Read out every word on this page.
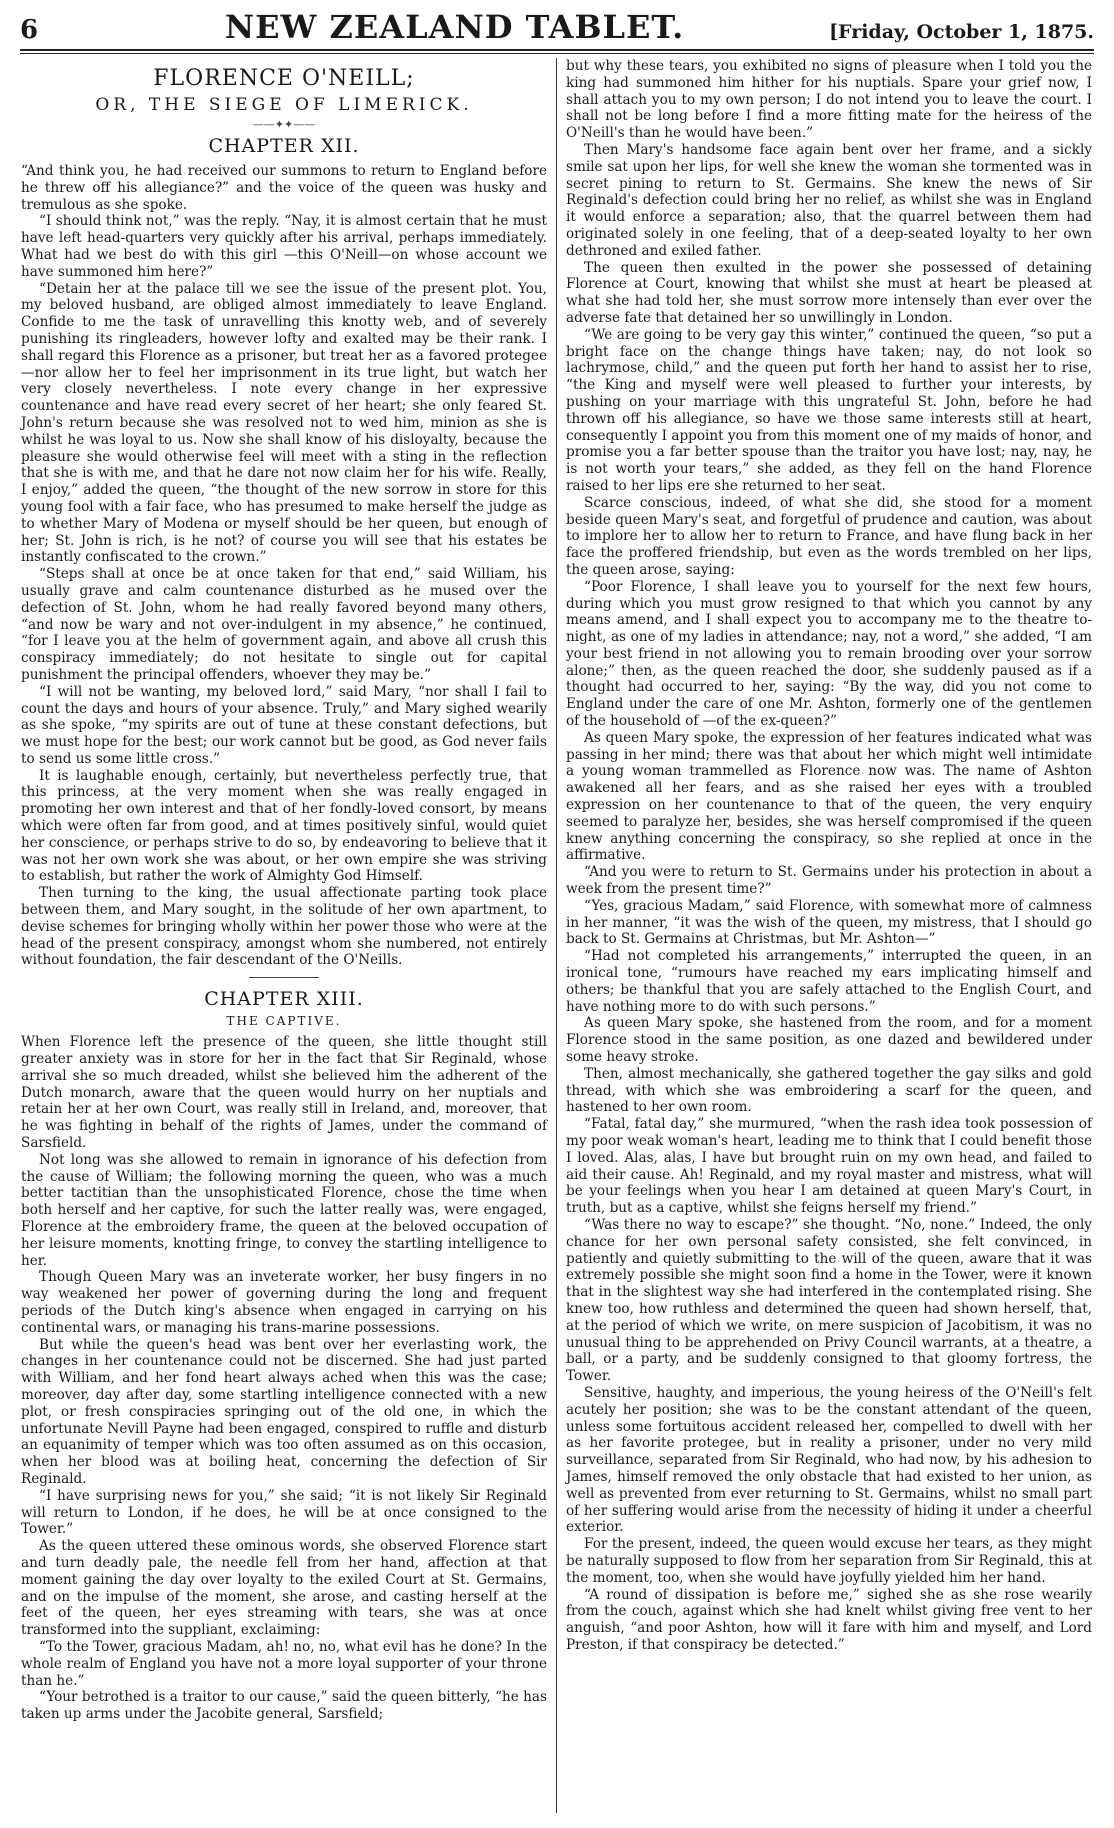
6	NEW ZEALAND TABLET.	[Friday, October 1, 1875.
FLORENCE O'NEILL;
OR, THE SIEGE OF LIMERICK.
——✦✦——
CHAPTER XII.

“And think you, he had received our summons to return to England before he threw off his allegiance?” and the voice of the queen was husky and tremulous as she spoke.

“I should think not,” was the reply. “Nay, it is almost certain that he must have left head-quarters very quickly after his arrival, perhaps immediately. What had we best do with this girl —this O'Neill—on whose account we have summoned him here?”

“Detain her at the palace till we see the issue of the present plot. You, my beloved husband, are obliged almost immediately to leave England. Confide to me the task of unravelling this knotty web, and of severely punishing its ringleaders, however lofty and exalted may be their rank. I shall regard this Florence as a prisoner, but treat her as a favored protegee—nor allow her to feel her imprisonment in its true light, but watch her very closely nevertheless. I note every change in her expressive countenance and have read every secret of her heart; she only feared St. John's return because she was resolved not to wed him, minion as she is whilst he was loyal to us. Now she shall know of his disloyalty, because the pleasure she would otherwise feel will meet with a sting in the reflection that she is with me, and that he dare not now claim her for his wife. Really, I enjoy,” added the queen, “the thought of the new sorrow in store for this young fool with a fair face, who has presumed to make herself the judge as to whether Mary of Modena or myself should be her queen, but enough of her; St. John is rich, is he not? of course you will see that his estates be instantly confiscated to the crown.”

“Steps shall at once be at once taken for that end,” said William, his usually grave and calm countenance disturbed as he mused over the defection of St. John, whom he had really favored beyond many others, “and now be wary and not over-indulgent in my absence,” he continued, “for I leave you at the helm of government again, and above all crush this conspiracy immediately; do not hesitate to single out for capital punishment the principal offenders, whoever they may be.”

“I will not be wanting, my beloved lord,” said Mary, “nor shall I fail to count the days and hours of your absence. Truly,” and Mary sighed wearily as she spoke, “my spirits are out of tune at these constant defections, but we must hope for the best; our work cannot but be good, as God never fails to send us some little cross.”

It is laughable enough, certainly, but nevertheless perfectly true, that this princess, at the very moment when she was really engaged in promoting her own interest and that of her fondly-loved consort, by means which were often far from good, and at times positively sinful, would quiet her conscience, or perhaps strive to do so, by endeavoring to believe that it was not her own work she was about, or her own empire she was striving to establish, but rather the work of Almighty God Himself.

Then turning to the king, the usual affectionate parting took place between them, and Mary sought, in the solitude of her own apartment, to devise schemes for bringing wholly within her power those who were at the head of the present conspiracy, amongst whom she numbered, not entirely without foundation, the fair descendant of the O'Neills.

CHAPTER XIII.
THE CAPTIVE.

When Florence left the presence of the queen, she little thought still greater anxiety was in store for her in the fact that Sir Reginald, whose arrival she so much dreaded, whilst she believed him the adherent of the Dutch monarch, aware that the queen would hurry on her nuptials and retain her at her own Court, was really still in Ireland, and, moreover, that he was fighting in behalf of the rights of James, under the command of Sarsfield.

Not long was she allowed to remain in ignorance of his defection from the cause of William; the following morning the queen, who was a much better tactitian than the unsophisticated Florence, chose the time when both herself and her captive, for such the latter really was, were engaged, Florence at the embroidery frame, the queen at the beloved occupation of her leisure moments, knotting fringe, to convey the startling intelligence to her.

Though Queen Mary was an inveterate worker, her busy fingers in no way weakened her power of governing during the long and frequent periods of the Dutch king's absence when engaged in carrying on his continental wars, or managing his trans-marine possessions.

But while the queen's head was bent over her everlasting work, the changes in her countenance could not be discerned. She had just parted with William, and her fond heart always ached when this was the case; moreover, day after day, some startling intelligence connected with a new plot, or fresh conspiracies springing out of the old one, in which the unfortunate Nevill Payne had been engaged, conspired to ruffle and disturb an equanimity of temper which was too often assumed as on this occasion, when her blood was at boiling heat, concerning the defection of Sir Reginald.

“I have surprising news for you,” she said; “it is not likely Sir Reginald will return to London, if he does, he will be at once consigned to the Tower.”

As the queen uttered these ominous words, she observed Florence start and turn deadly pale, the needle fell from her hand, affection at that moment gaining the day over loyalty to the exiled Court at St. Germains, and on the impulse of the moment, she arose, and casting herself at the feet of the queen, her eyes streaming with tears, she was at once transformed into the suppliant, exclaiming:

“To the Tower, gracious Madam, ah! no, no, what evil has he done? In the whole realm of England you have not a more loyal supporter of your throne than he.”

“Your betrothed is a traitor to our cause,” said the queen bitterly, “he has taken up arms under the Jacobite general, Sarsfield;

but why these tears, you exhibited no signs of pleasure when I told you the king had summoned him hither for his nuptials. Spare your grief now, I shall attach you to my own person; I do not intend you to leave the court. I shall not be long before I find a more fitting mate for the heiress of the O'Neill's than he would have been.”

Then Mary's handsome face again bent over her frame, and a sickly smile sat upon her lips, for well she knew the woman she tormented was in secret pining to return to St. Germains. She knew the news of Sir Reginald's defection could bring her no relief, as whilst she was in England it would enforce a separation; also, that the quarrel between them had originated solely in one feeling, that of a deep-seated loyalty to her own dethroned and exiled father.

The queen then exulted in the power she possessed of detaining Florence at Court, knowing that whilst she must at heart be pleased at what she had told her, she must sorrow more intensely than ever over the adverse fate that detained her so unwillingly in London.

“We are going to be very gay this winter,” continued the queen, “so put a bright face on the change things have taken; nay, do not look so lachrymose, child,” and the queen put forth her hand to assist her to rise, “the King and myself were well pleased to further your interests, by pushing on your marriage with this ungrateful St. John, before he had thrown off his allegiance, so have we those same interests still at heart, consequently I appoint you from this moment one of my maids of honor, and promise you a far better spouse than the traitor you have lost; nay, nay, he is not worth your tears,” she added, as they fell on the hand Florence raised to her lips ere she returned to her seat.

Scarce conscious, indeed, of what she did, she stood for a moment beside queen Mary's seat, and forgetful of prudence and caution, was about to implore her to allow her to return to France, and have flung back in her face the proffered friendship, but even as the words trembled on her lips, the queen arose, saying:

“Poor Florence, I shall leave you to yourself for the next few hours, during which you must grow resigned to that which you cannot by any means amend, and I shall expect you to accompany me to the theatre to-night, as one of my ladies in attendance; nay, not a word,” she added, “I am your best friend in not allowing you to remain brooding over your sorrow alone;” then, as the queen reached the door, she suddenly paused as if a thought had occurred to her, saying: “By the way, did you not come to England under the care of one Mr. Ashton, formerly one of the gentlemen of the household of —of the ex-queen?”

As queen Mary spoke, the expression of her features indicated what was passing in her mind; there was that about her which might well intimidate a young woman trammelled as Florence now was. The name of Ashton awakened all her fears, and as she raised her eyes with a troubled expression on her countenance to that of the queen, the very enquiry seemed to paralyze her, besides, she was herself compromised if the queen knew anything concerning the conspiracy, so she replied at once in the affirmative.

“And you were to return to St. Germains under his protection in about a week from the present time?”

“Yes, gracious Madam,” said Florence, with somewhat more of calmness in her manner, “it was the wish of the queen, my mistress, that I should go back to St. Germains at Christmas, but Mr. Ashton—”

“Had not completed his arrangements,” interrupted the queen, in an ironical tone, “rumours have reached my ears implicating himself and others; be thankful that you are safely attached to the English Court, and have nothing more to do with such persons.”

As queen Mary spoke, she hastened from the room, and for a moment Florence stood in the same position, as one dazed and bewildered under some heavy stroke.

Then, almost mechanically, she gathered together the gay silks and gold thread, with which she was embroidering a scarf for the queen, and hastened to her own room.

“Fatal, fatal day,” she murmured, “when the rash idea took possession of my poor weak woman's heart, leading me to think that I could benefit those I loved. Alas, alas, I have but brought ruin on my own head, and failed to aid their cause. Ah! Reginald, and my royal master and mistress, what will be your feelings when you hear I am detained at queen Mary's Court, in truth, but as a captive, whilst she feigns herself my friend.”

“Was there no way to escape?” she thought. “No, none.” Indeed, the only chance for her own personal safety consisted, she felt convinced, in patiently and quietly submitting to the will of the queen, aware that it was extremely possible she might soon find a home in the Tower, were it known that in the slightest way she had interfered in the contemplated rising. She knew too, how ruthless and determined the queen had shown herself, that, at the period of which we write, on mere suspicion of Jacobitism, it was no unusual thing to be apprehended on Privy Council warrants, at a theatre, a ball, or a party, and be suddenly consigned to that gloomy fortress, the Tower.

Sensitive, haughty, and imperious, the young heiress of the O'Neill's felt acutely her position; she was to be the constant attendant of the queen, unless some fortuitous accident released her, compelled to dwell with her as her favorite protegee, but in reality a prisoner, under no very mild surveillance, separated from Sir Reginald, who had now, by his adhesion to James, himself removed the only obstacle that had existed to her union, as well as prevented from ever returning to St. Germains, whilst no small part of her suffering would arise from the necessity of hiding it under a cheerful exterior.

For the present, indeed, the queen would excuse her tears, as they might be naturally supposed to flow from her separation from Sir Reginald, this at the moment, too, when she would have joyfully yielded him her hand.

“A round of dissipation is before me,” sighed she as she rose wearily from the couch, against which she had knelt whilst giving free vent to her anguish, “and poor Ashton, how will it fare with him and myself, and Lord Preston, if that conspiracy be detected.”
